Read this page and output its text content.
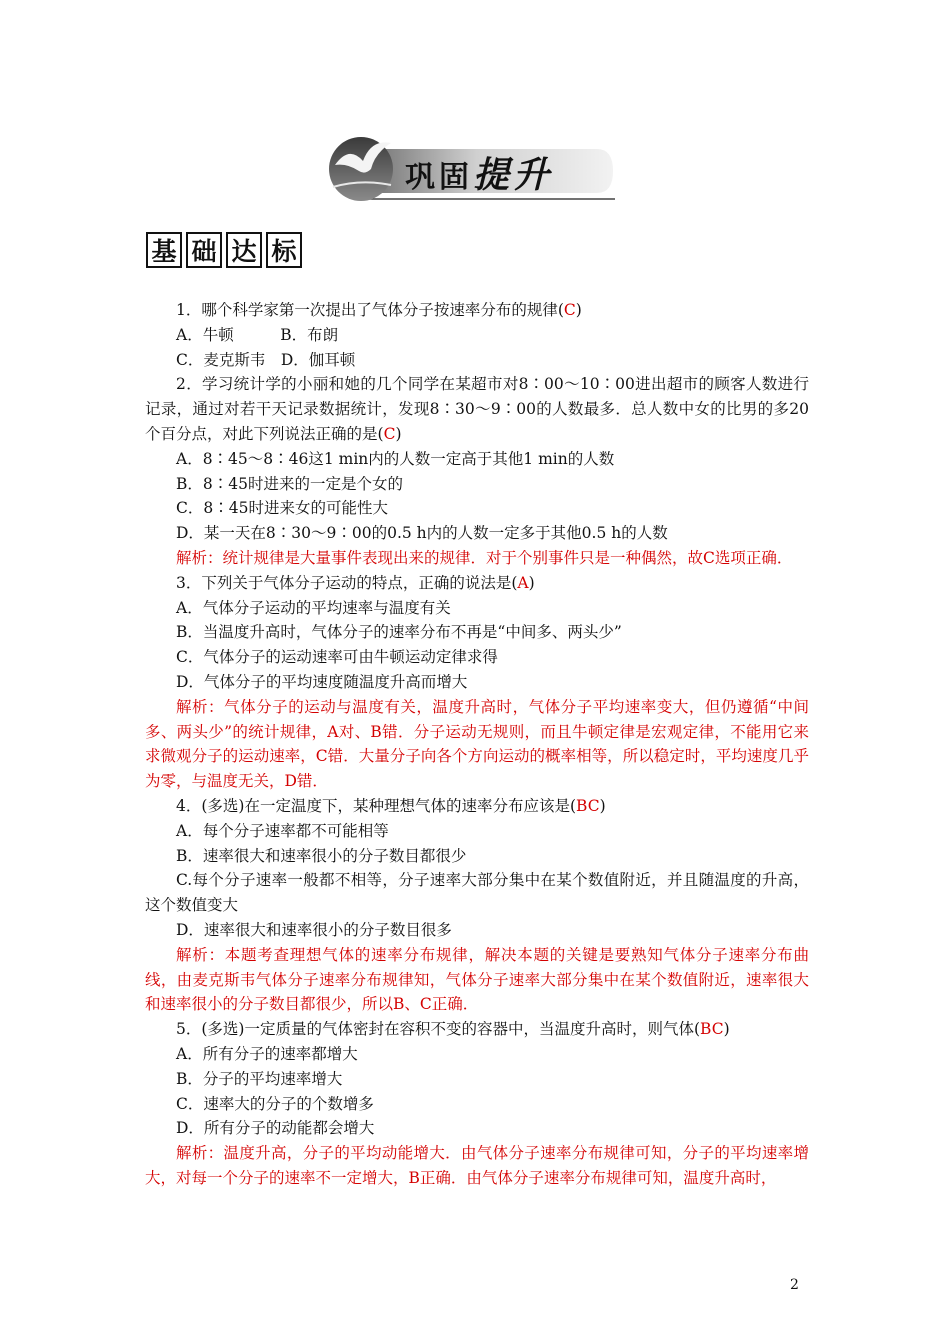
巩固提升
基 础 达 标

1．哪个科学家第一次提出了气体分子按速率分布的规律(C)

A．牛顿　　　B．布朗

C．麦克斯韦　D．伽耳顿

2．学习统计学的小丽和她的几个同学在某超市对8∶00～10∶00进出超市的顾客人数进行记录，通过对若干天记录数据统计，发现8∶30～9∶00的人数最多．总人数中女的比男的多20个百分点，对此下列说法正确的是(C)

A．8∶45～8∶46这1 min内的人数一定高于其他1 min的人数

B．8∶45时进来的一定是个女的

C．8∶45时进来女的可能性大

D．某一天在8∶30～9∶00的0.5 h内的人数一定多于其他0.5 h的人数

解析：统计规律是大量事件表现出来的规律．对于个别事件只是一种偶然，故C选项正确．

3．下列关于气体分子运动的特点，正确的说法是(A)

A．气体分子运动的平均速率与温度有关

B．当温度升高时，气体分子的速率分布不再是“中间多、两头少”

C．气体分子的运动速率可由牛顿运动定律求得

D．气体分子的平均速度随温度升高而增大

解析：气体分子的运动与温度有关，温度升高时，气体分子平均速率变大，但仍遵循“中间多、两头少”的统计规律，A对、B错．分子运动无规则，而且牛顿定律是宏观定律，不能用它来求微观分子的运动速率，C错．大量分子向各个方向运动的概率相等，所以稳定时，平均速度几乎为零，与温度无关，D错．

4．(多选)在一定温度下，某种理想气体的速率分布应该是(BC)

A．每个分子速率都不可能相等

B．速率很大和速率很小的分子数目都很少

C.每个分子速率一般都不相等，分子速率大部分集中在某个数值附近，并且随温度的升高，这个数值变大

D．速率很大和速率很小的分子数目很多

解析：本题考查理想气体的速率分布规律，解决本题的关键是要熟知气体分子速率分布曲线，由麦克斯韦气体分子速率分布规律知，气体分子速率大部分集中在某个数值附近，速率很大和速率很小的分子数目都很少，所以B、C正确．

5．(多选)一定质量的气体密封在容积不变的容器中，当温度升高时，则气体(BC)

A．所有分子的速率都增大

B．分子的平均速率增大

C．速率大的分子的个数增多

D．所有分子的动能都会增大

解析：温度升高，分子的平均动能增大．由气体分子速率分布规律可知，分子的平均速率增大，对每一个分子的速率不一定增大，B正确．由气体分子速率分布规律可知，温度升高时，

2
